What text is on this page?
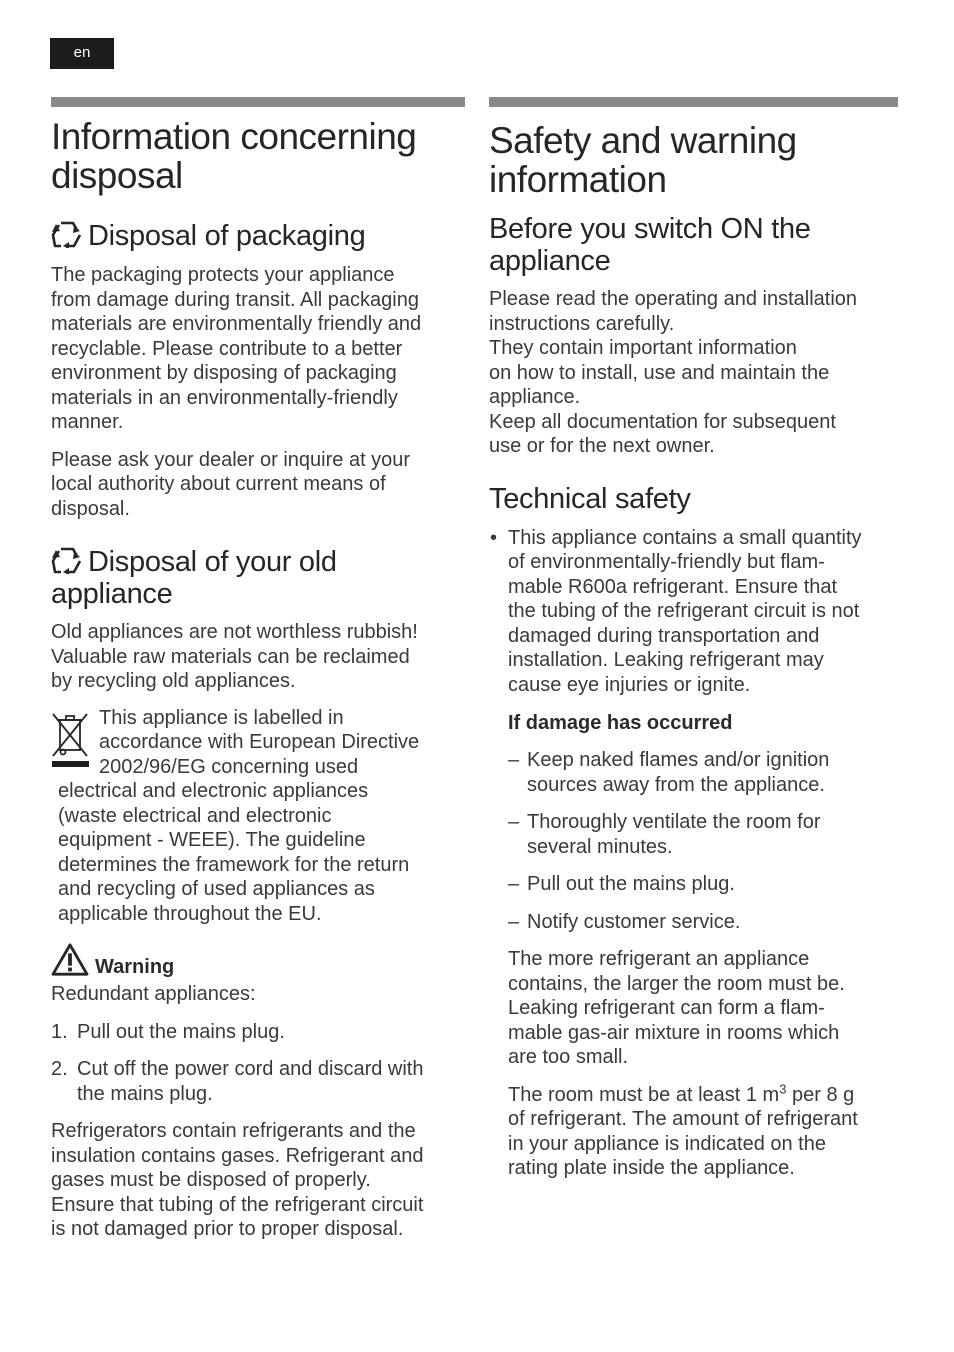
en
Information concerning
disposal
Disposal of packaging

The packaging protects your appliance
from damage during transit. All packaging
materials are environmentally friendly and
recyclable. Please contribute to a better
environment by disposing of packaging
materials in an environmentally-friendly
manner.

Please ask your dealer or inquire at your
local authority about current means of
disposal.

Disposal of your old
appliance

Old appliances are not worthless rubbish!
Valuable raw materials can be reclaimed
by recycling old appliances.

This appliance is labelled in
accordance with European Directive
2002/96/EG concerning used
electrical and electronic appliances
(waste electrical and electronic
equipment - WEEE). The guideline
determines the framework for the return
and recycling of used appliances as
applicable throughout the EU.

Warning

Redundant appliances:

1. Pull out the mains plug.
2. Cut off the power cord and discard with
the mains plug.

Refrigerators contain refrigerants and the
insulation contains gases. Refrigerant and
gases must be disposed of properly.
Ensure that tubing of the refrigerant circuit
is not damaged prior to proper disposal.

Safety and warning
information
Before you switch ON the
appliance

Please read the operating and installation
instructions carefully.
They contain important information
on how to install, use and maintain the
appliance.
Keep all documentation for subsequent
use or for the next owner.

Technical safety
• This appliance contains a small quantity
of environmentally-friendly but flam-
mable R600a refrigerant. Ensure that
the tubing of the refrigerant circuit is not
damaged during transportation and
installation. Leaking refrigerant may
cause eye injuries or ignite.
If damage has occurred
– Keep naked flames and/or ignition
sources away from the appliance.
– Thoroughly ventilate the room for
several minutes.
– Pull out the mains plug.
– Notify customer service.

The more refrigerant an appliance
contains, the larger the room must be.
Leaking refrigerant can form a flam-
mable gas-air mixture in rooms which
are too small.

The room must be at least 1 $m^3$ per 8 g
of refrigerant. The amount of refrigerant
in your appliance is indicated on the
rating plate inside the appliance.
